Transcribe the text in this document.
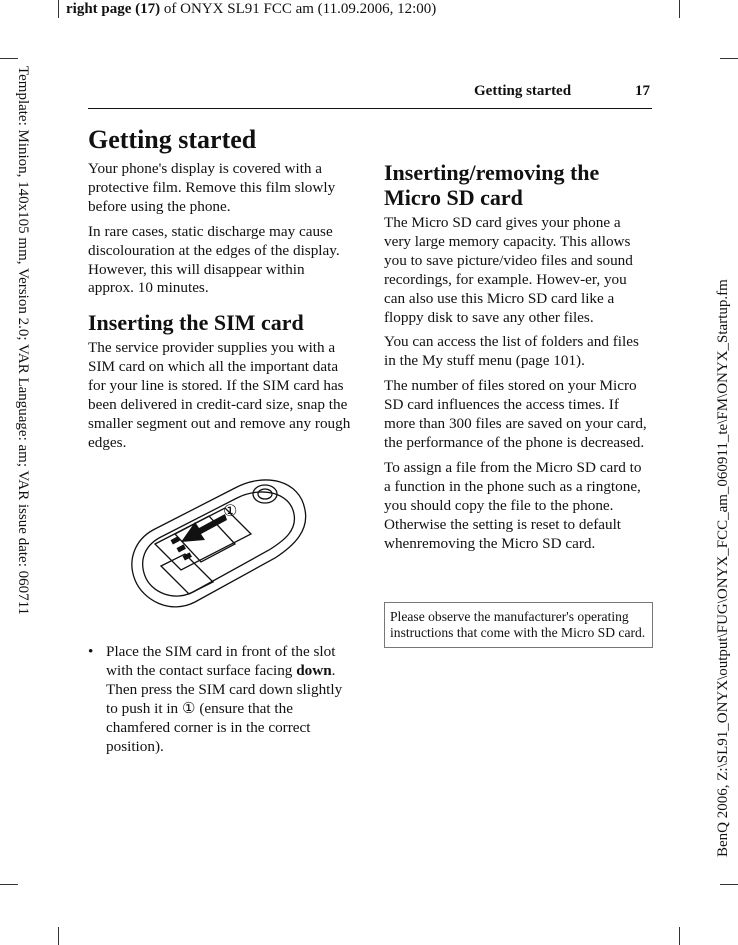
right page (17) of ONYX SL91 FCC am (11.09.2006, 12:00)
Template: Minion, 140x105 mm, Version 2.0; VAR Language: am; VAR issue date: 060711	BenQ 2006, Z:\SL91_ONYX\output\FUG\ONYX_FCC_am_060911_te\FM\ONYX_Startup.fm
Getting started	17
Getting started

Your phone's display is covered with a protective film. Remove this film slowly before using the phone.

In rare cases, static discharge may cause discolouration at the edges of the display. However, this will disappear within approx. 10 minutes.

Inserting the SIM card

The service provider supplies you with a SIM card on which all the important data for your line is stored. If the SIM card has been delivered in credit-card size, snap the smaller segment out and remove any rough edges.

①
• Place the SIM card in front of the slot with the contact surface facing down. Then press the SIM card down slightly to push it in ① (ensure that the chamfered corner is in the correct position).
Inserting/removing the Micro SD card

The Micro SD card gives your phone a very large memory capacity. This allows you to save picture/video files and sound recordings, for example. Howev-er, you can also use this Micro SD card like a floppy disk to save any other files.

You can access the list of folders and files in the My stuff menu (page 101).

The number of files stored on your Micro SD card influences the access times. If more than 300 files are saved on your card, the performance of the phone is decreased.

To assign a file from the Micro SD card to a function in the phone such as a ringtone, you should copy the file to the phone. Otherwise the setting is reset to default whenremoving the Micro SD card.

Please observe the manufacturer's operating instructions that come with the Micro SD card.
